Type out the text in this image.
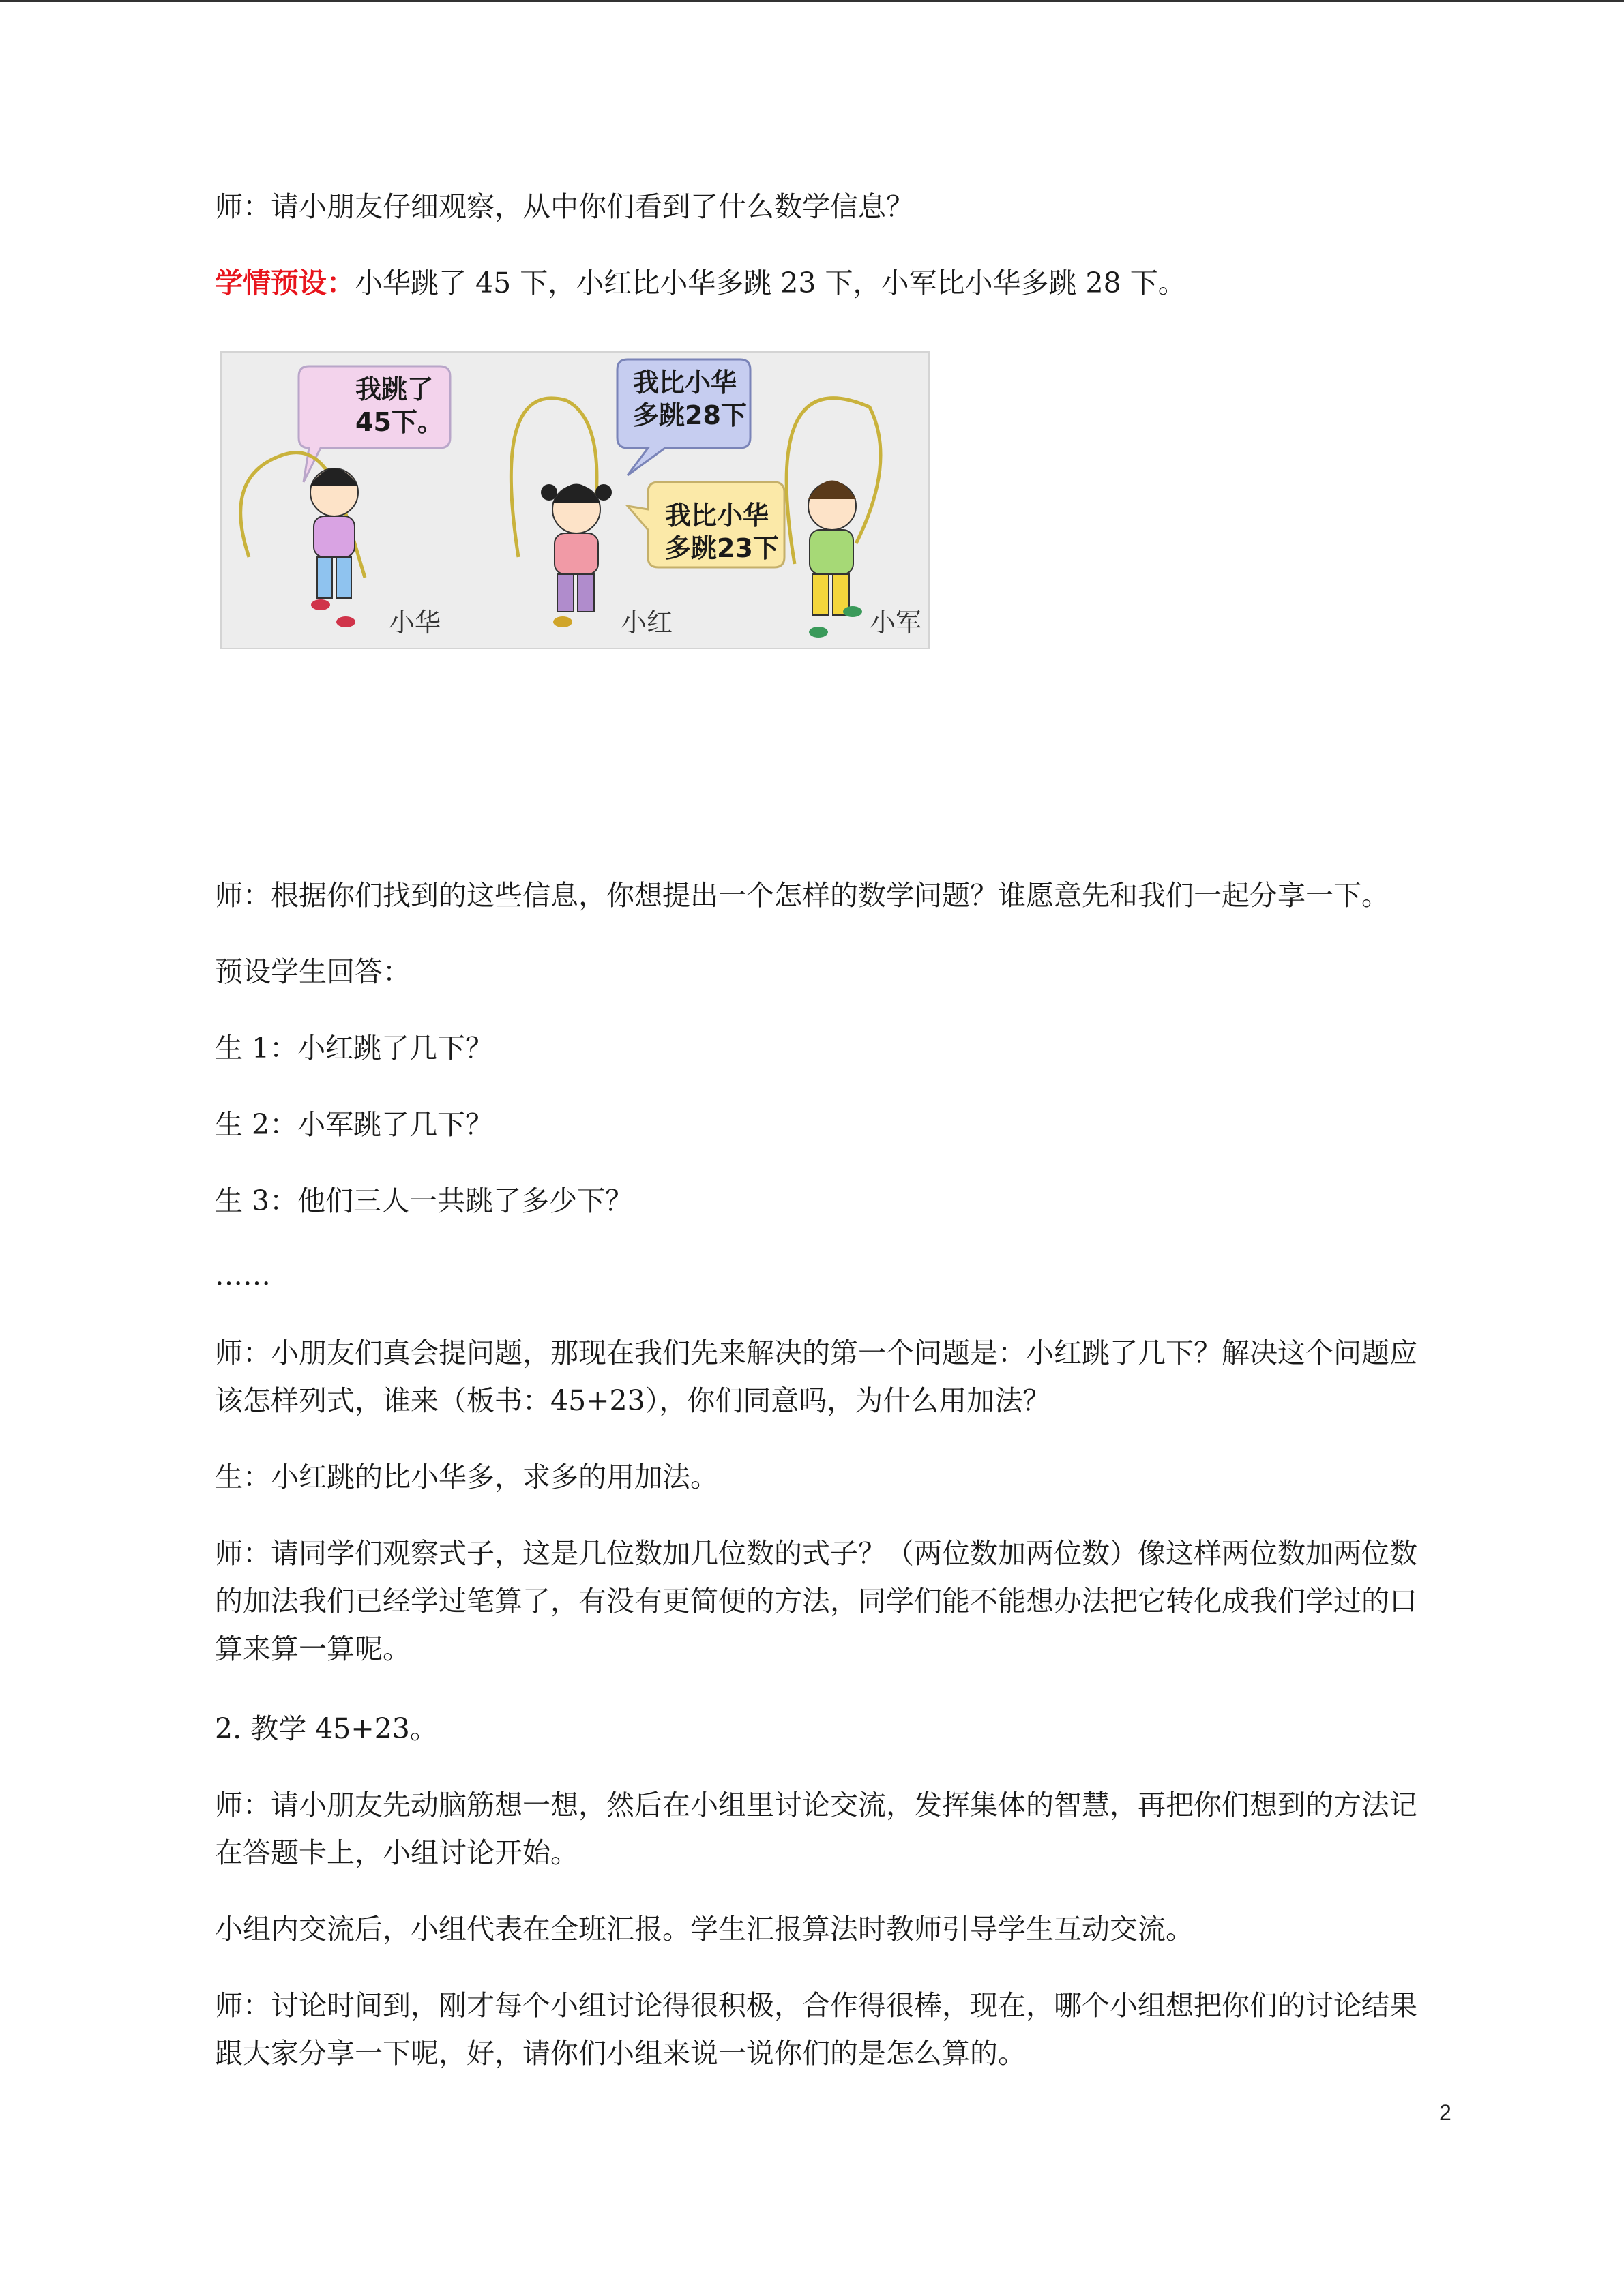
师：请小朋友仔细观察，从中你们看到了什么数学信息？

学情预设：小华跳了 45 下，小红比小华多跳 23 下，小军比小华多跳 28 下。

我跳了
45下。
我比小华
多跳28下
我比小华
多跳23下
小华	小红	小军

师：根据你们找到的这些信息，你想提出一个怎样的数学问题？谁愿意先和我们一起分享一下。

预设学生回答：

生 1：小红跳了几下？

生 2：小军跳了几下？

生 3：他们三人一共跳了多少下？

……

师：小朋友们真会提问题，那现在我们先来解决的第一个问题是：小红跳了几下？解决这个问题应
该怎样列式，谁来（板书：45+23），你们同意吗，为什么用加法？

生：小红跳的比小华多，求多的用加法。

师：请同学们观察式子，这是几位数加几位数的式子？（两位数加两位数）像这样两位数加两位数
的加法我们已经学过笔算了，有没有更简便的方法，同学们能不能想办法把它转化成我们学过的口
算来算一算呢。

2. 教学 45+23。

师：请小朋友先动脑筋想一想，然后在小组里讨论交流，发挥集体的智慧，再把你们想到的方法记
在答题卡上，小组讨论开始。

小组内交流后，小组代表在全班汇报。学生汇报算法时教师引导学生互动交流。

师：讨论时间到，刚才每个小组讨论得很积极，合作得很棒，现在，哪个小组想把你们的讨论结果
跟大家分享一下呢，好，请你们小组来说一说你们的是怎么算的。
2
